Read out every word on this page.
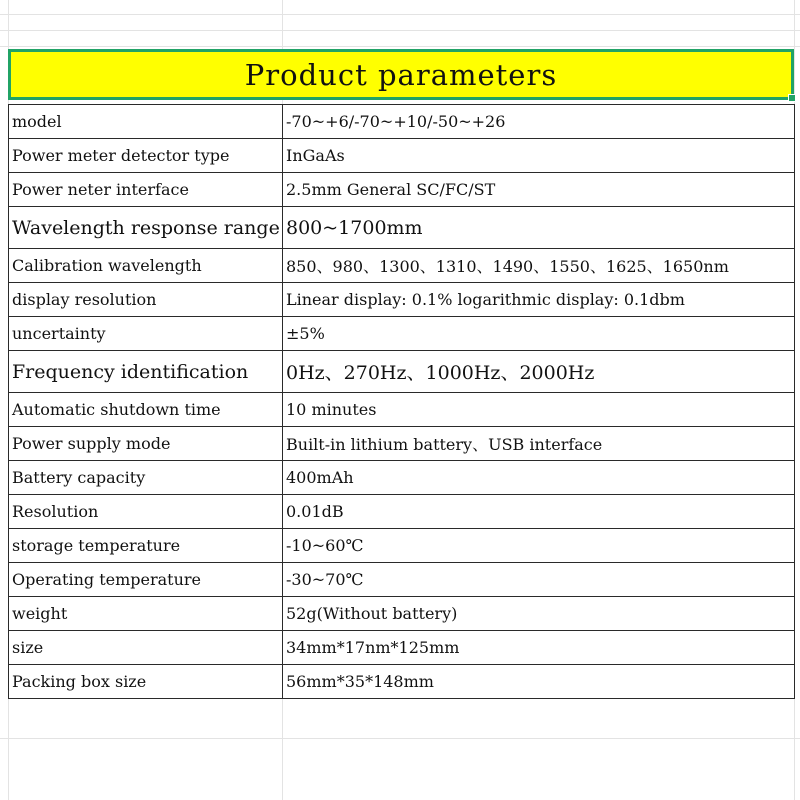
Product parameters
model	-70~+6/-70~+10/-50~+26
Power meter detector type	InGaAs
Power neter interface	2.5mm General SC/FC/ST
Wavelength response range	800~1700mm
Calibration wavelength	850、980、1300、1310、1490、1550、1625、1650nm
display resolution	Linear display: 0.1% logarithmic display: 0.1dbm
uncertainty	±5%
Frequency identification	0Hz、270Hz、1000Hz、2000Hz
Automatic shutdown time	10 minutes
Power supply mode	Built-in lithium battery、USB interface
Battery capacity	400mAh
Resolution	0.01dB
storage temperature	-10~60℃
Operating temperature	-30~70℃
weight	52g(Without battery)
size	34mm*17nm*125mm
Packing box size	56mm*35*148mm
